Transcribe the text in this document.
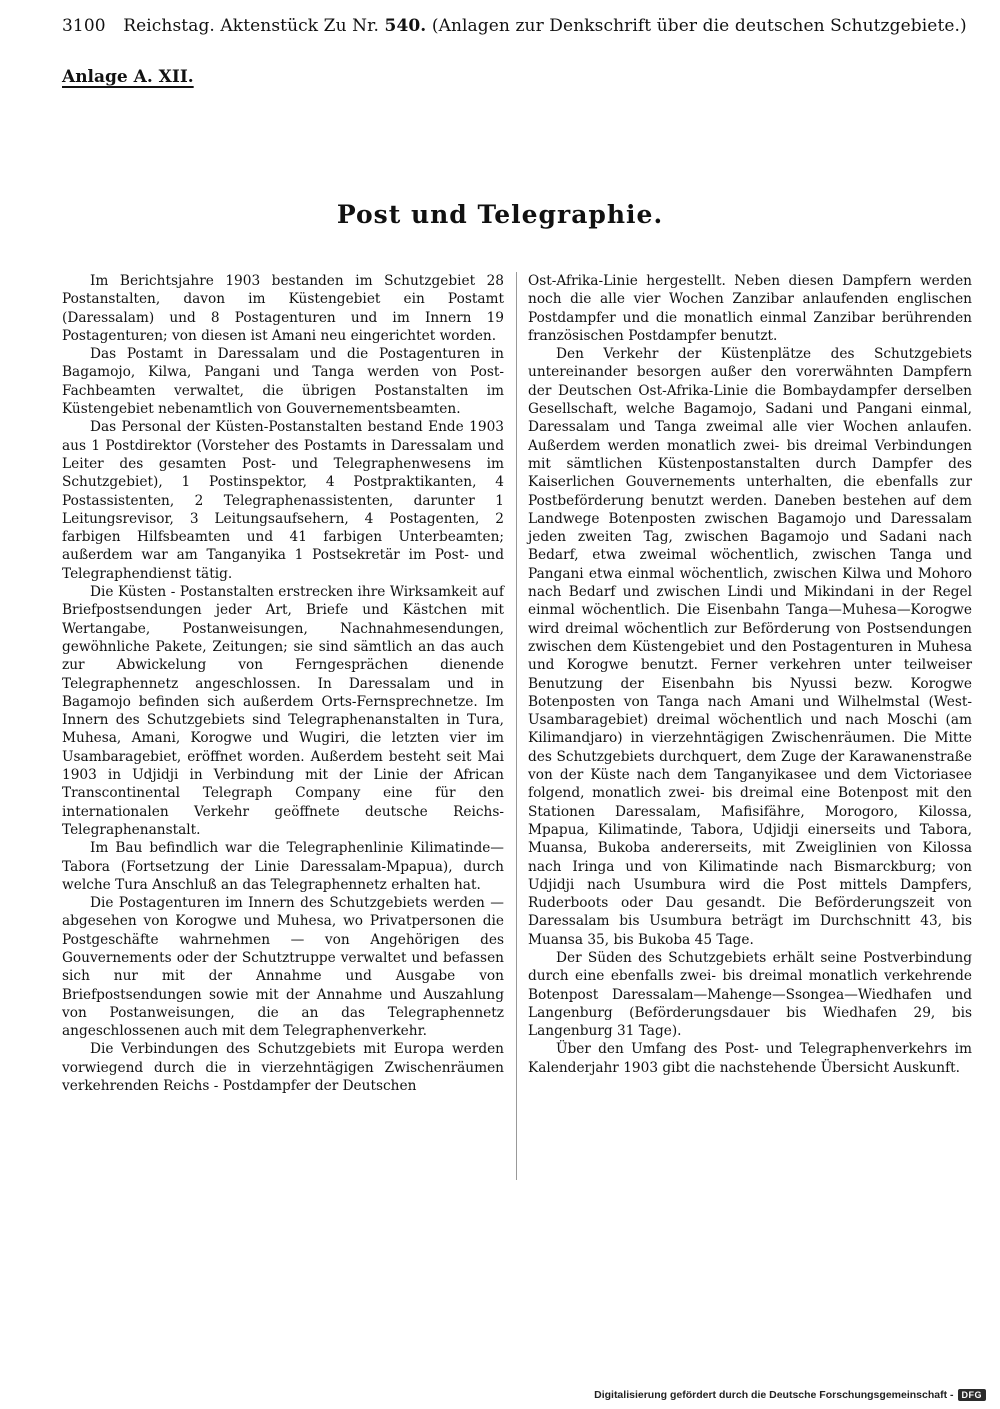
3100 Reichstag. Aktenstück Zu Nr. 540. (Anlagen zur Denkschrift über die deutschen Schutzgebiete.)
Anlage A. XII.
Post und Telegraphie.

Im Berichtsjahre 1903 bestanden im Schutzgebiet 28 Postanstalten, davon im Küstengebiet ein Postamt (Daressalam) und 8 Postagenturen und im Innern 19 Postagenturen; von diesen ist Amani neu eingerichtet worden.

Das Postamt in Daressalam und die Postagenturen in Bagamojo, Kilwa, Pangani und Tanga werden von Post-Fachbeamten verwaltet, die übrigen Postanstalten im Küstengebiet nebenamtlich von Gouvernementsbeamten.

Das Personal der Küsten-Postanstalten bestand Ende 1903 aus 1 Postdirektor (Vorsteher des Postamts in Daressalam und Leiter des gesamten Post- und Telegraphenwesens im Schutzgebiet), 1 Postinspektor, 4 Postpraktikanten, 4 Postassistenten, 2 Telegraphenassistenten, darunter 1 Leitungsrevisor, 3 Leitungsaufsehern, 4 Postagenten, 2 farbigen Hilfsbeamten und 41 farbigen Unterbeamten; außerdem war am Tanganyika 1 Postsekretär im Post- und Telegraphendienst tätig.

Die Küsten - Postanstalten erstrecken ihre Wirksamkeit auf Briefpostsendungen jeder Art, Briefe und Kästchen mit Wertangabe, Postanweisungen, Nachnahmesendungen, gewöhnliche Pakete, Zeitungen; sie sind sämtlich an das auch zur Abwickelung von Ferngesprächen dienende Telegraphennetz angeschlossen. In Daressalam und in Bagamojo befinden sich außerdem Orts-Fernsprechnetze. Im Innern des Schutzgebiets sind Telegraphenanstalten in Tura, Muhesa, Amani, Korogwe und Wugiri, die letzten vier im Usambaragebiet, eröffnet worden. Außerdem besteht seit Mai 1903 in Udjidji in Verbindung mit der Linie der African Transcontinental Telegraph Company eine für den internationalen Verkehr geöffnete deutsche Reichs-Telegraphenanstalt.

Im Bau befindlich war die Telegraphenlinie Kilimatinde—Tabora (Fortsetzung der Linie Daressalam-Mpapua), durch welche Tura Anschluß an das Telegraphennetz erhalten hat.

Die Postagenturen im Innern des Schutzgebiets werden — abgesehen von Korogwe und Muhesa, wo Privatpersonen die Postgeschäfte wahrnehmen — von Angehörigen des Gouvernements oder der Schutztruppe verwaltet und befassen sich nur mit der Annahme und Ausgabe von Briefpostsendungen sowie mit der Annahme und Auszahlung von Postanweisungen, die an das Telegraphennetz angeschlossenen auch mit dem Telegraphenverkehr.

Die Verbindungen des Schutzgebiets mit Europa werden vorwiegend durch die in vierzehntägigen Zwischenräumen verkehrenden Reichs - Postdampfer der Deutschen

Ost-Afrika-Linie hergestellt. Neben diesen Dampfern werden noch die alle vier Wochen Zanzibar anlaufenden englischen Postdampfer und die monatlich einmal Zanzibar berührenden französischen Postdampfer benutzt.

Den Verkehr der Küstenplätze des Schutzgebiets untereinander besorgen außer den vorerwähnten Dampfern der Deutschen Ost-Afrika-Linie die Bombaydampfer derselben Gesellschaft, welche Bagamojo, Sadani und Pangani einmal, Daressalam und Tanga zweimal alle vier Wochen anlaufen. Außerdem werden monatlich zwei- bis dreimal Verbindungen mit sämtlichen Küstenpostanstalten durch Dampfer des Kaiserlichen Gouvernements unterhalten, die ebenfalls zur Postbeförderung benutzt werden. Daneben bestehen auf dem Landwege Botenposten zwischen Bagamojo und Daressalam jeden zweiten Tag, zwischen Bagamojo und Sadani nach Bedarf, etwa zweimal wöchentlich, zwischen Tanga und Pangani etwa einmal wöchentlich, zwischen Kilwa und Mohoro nach Bedarf und zwischen Lindi und Mikindani in der Regel einmal wöchentlich. Die Eisenbahn Tanga—Muhesa—Korogwe wird dreimal wöchentlich zur Beförderung von Postsendungen zwischen dem Küstengebiet und den Postagenturen in Muhesa und Korogwe benutzt. Ferner verkehren unter teilweiser Benutzung der Eisenbahn bis Nyussi bezw. Korogwe Botenposten von Tanga nach Amani und Wilhelmstal (West-Usambaragebiet) dreimal wöchentlich und nach Moschi (am Kilimandjaro) in vierzehntägigen Zwischenräumen. Die Mitte des Schutzgebiets durchquert, dem Zuge der Karawanenstraße von der Küste nach dem Tanganyikasee und dem Victoriasee folgend, monatlich zwei- bis dreimal eine Botenpost mit den Stationen Daressalam, Mafisifähre, Morogoro, Kilossa, Mpapua, Kilimatinde, Tabora, Udjidji einerseits und Tabora, Muansa, Bukoba andererseits, mit Zweiglinien von Kilossa nach Iringa und von Kilimatinde nach Bismarckburg; von Udjidji nach Usumbura wird die Post mittels Dampfers, Ruderboots oder Dau gesandt. Die Beförderungszeit von Daressalam bis Usumbura beträgt im Durchschnitt 43, bis Muansa 35, bis Bukoba 45 Tage.

Der Süden des Schutzgebiets erhält seine Postverbindung durch eine ebenfalls zwei- bis dreimal monatlich verkehrende Botenpost Daressalam—Mahenge—Ssongea—Wiedhafen und Langenburg (Beförderungsdauer bis Wiedhafen 29, bis Langenburg 31 Tage).

Über den Umfang des Post- und Telegraphenverkehrs im Kalenderjahr 1903 gibt die nachstehende Übersicht Auskunft.

Digitalisierung gefördert durch die Deutsche Forschungsgemeinschaft - DFG
